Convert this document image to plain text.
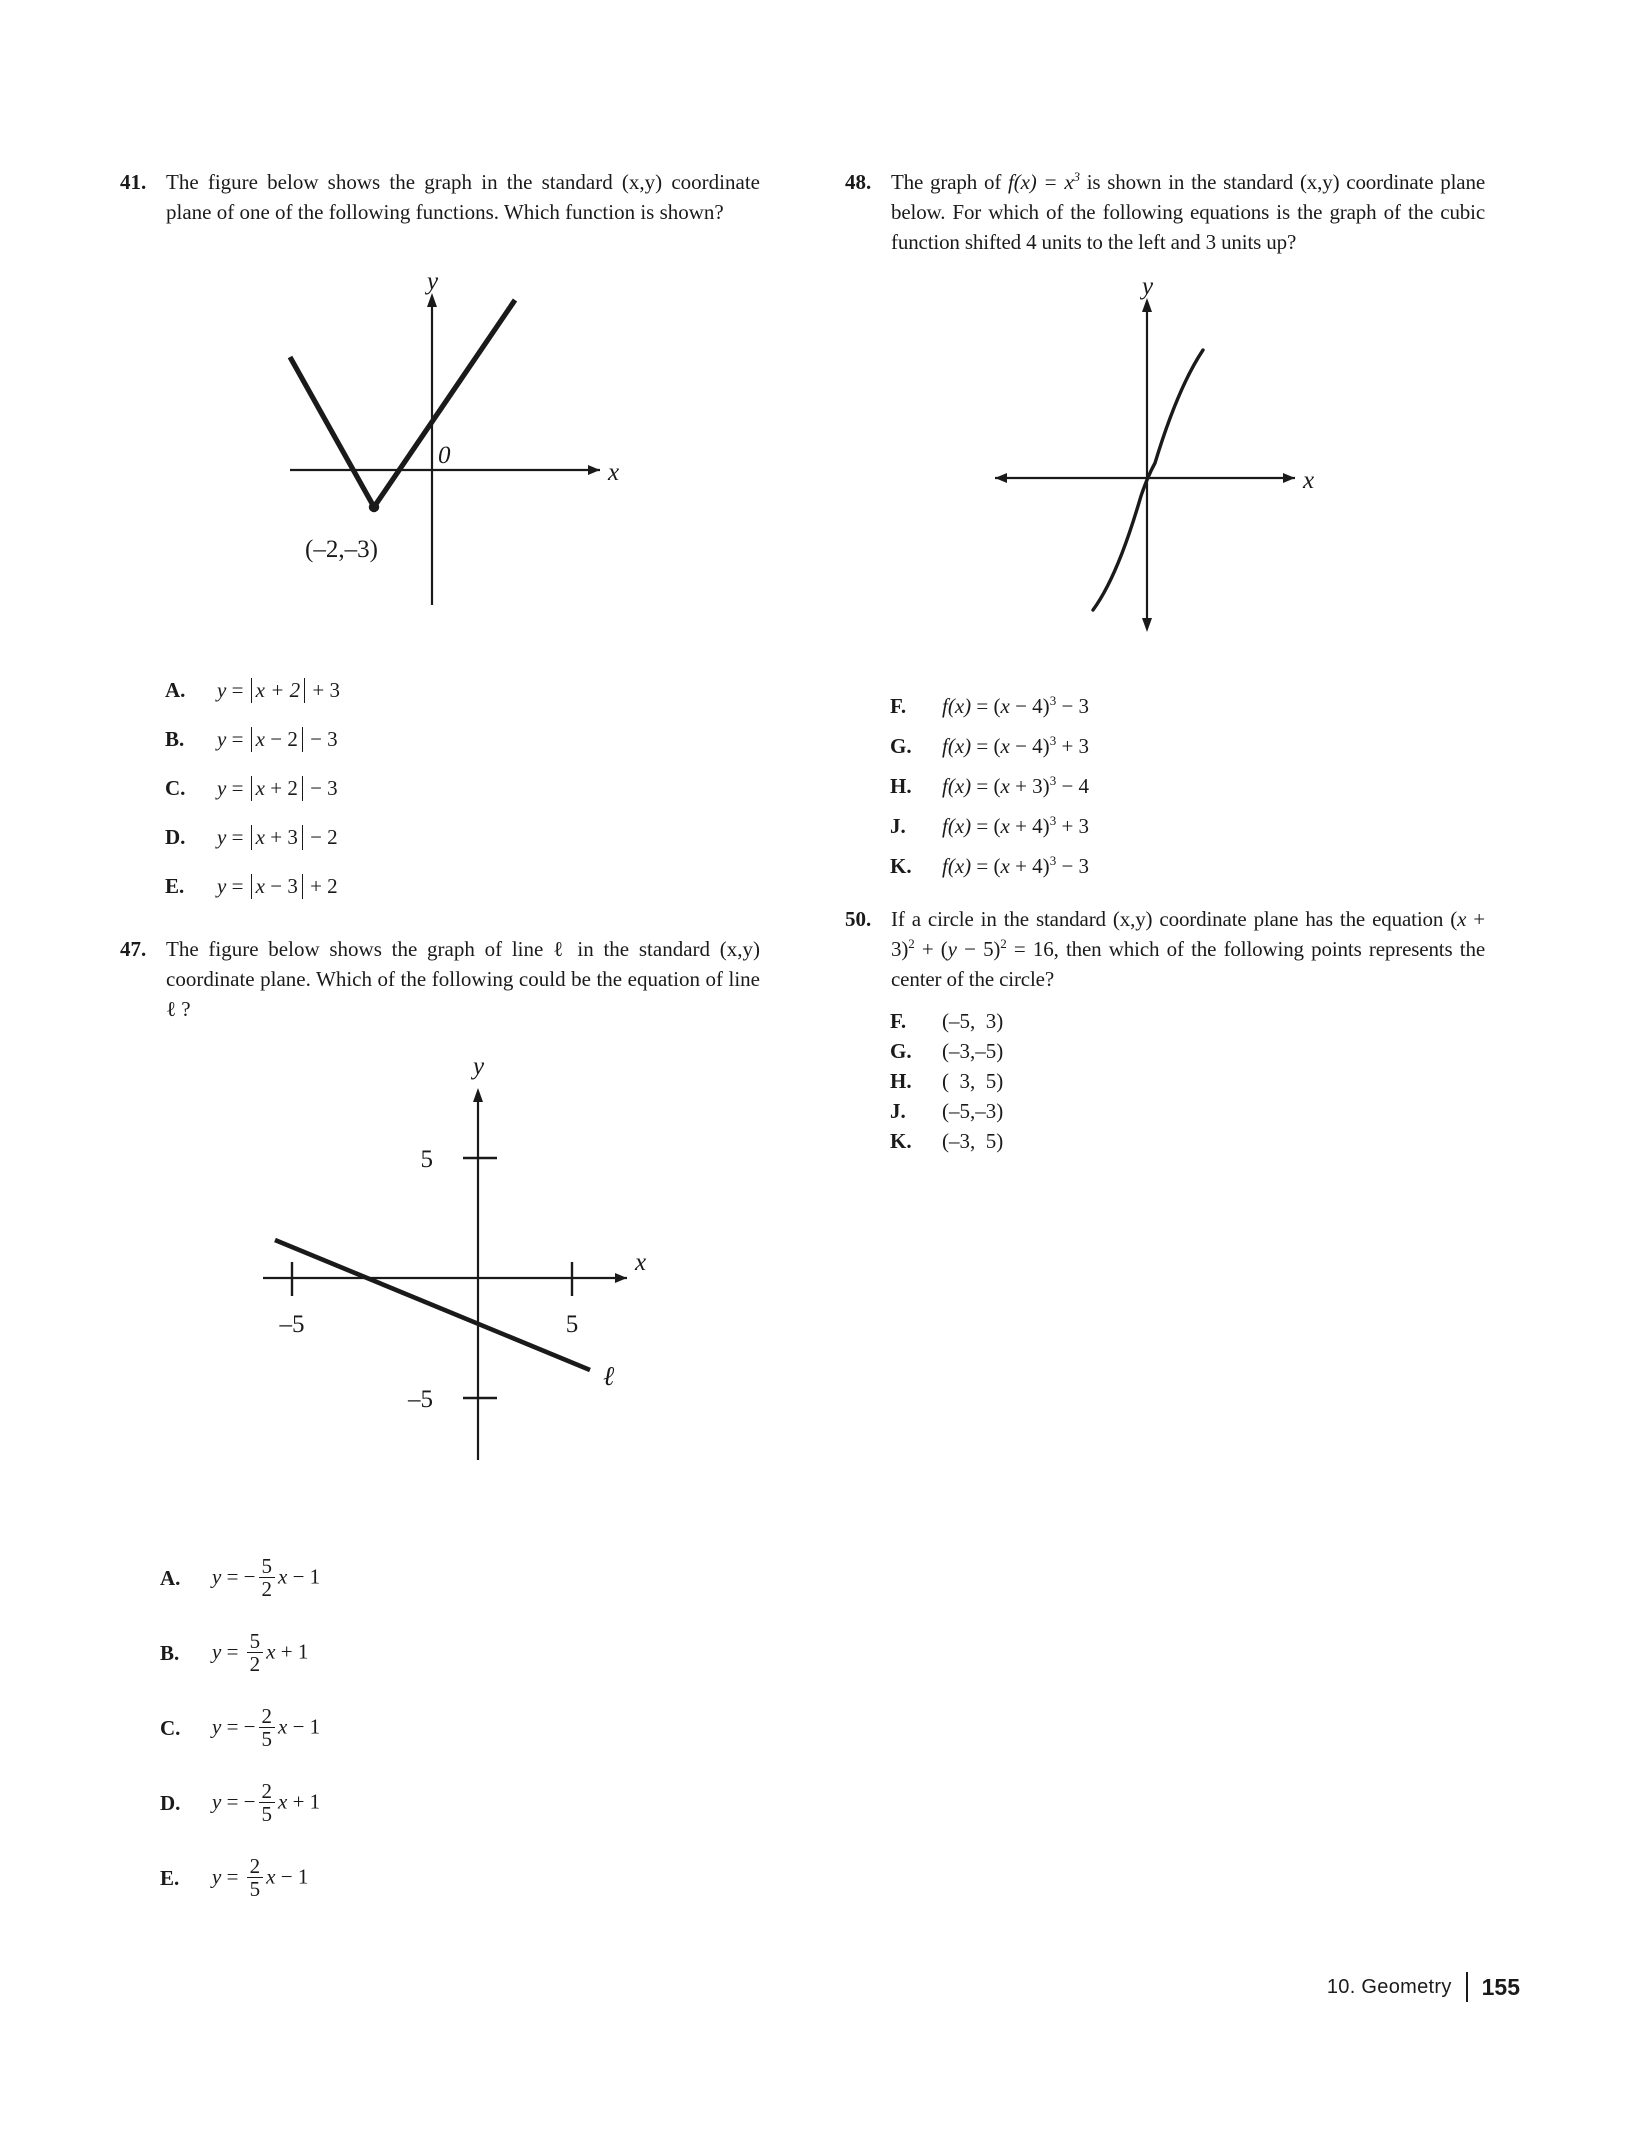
41. The figure below shows the graph in the standard (x,y) coordinate plane of one of the following functions. Which function is shown?
y
x
0
(–2,–3)
A.	y = x + 2 + 3
B.	y = x − 2 − 3
C.	y = x + 2 − 3
D.	y = x + 3 − 2
E.	y = x − 3 + 2
47. The figure below shows the graph of line ℓ in the standard (x,y) coordinate plane. Which of the following could be the equation of line ℓ ?
y
x
5
–5
–5	5
ℓ
A.	y = − $\frac{5}{2}$ x − 1
B.	$y = \frac{5}{2}$ x + 1
C.	y = − $\frac{2}{5}$ x − 1
D.	y = − $\frac{2}{5}$ x + 1
E.	$y = \frac{2}{5}$ x − 1
48. The graph of $f(x) = x^3$ is shown in the standard (x,y) coordinate plane below. For which of the following equations is the graph of the cubic function shifted 4 units to the left and 3 units up?
y
x
F.	$f(x) = (x - 4)^3 - 3$
G.	$f(x) = (x - 4)^3 + 3$
H.	$f(x) = (x + 3)^3 - 4$
J.	$f(x) = (x + 4)^3 + 3$
K.	$f(x) = (x + 4)^3 - 3$
50. If a circle in the standard (x,y) coordinate plane has the equation $(x + 3)^2 + (y - 5)^2 = 16$, then which of the following points represents the center of the circle?
F.	(–5,  3)
G.	(–3,–5)
H.	(  3,  5)
J.	(–5,–3)
K.	(–3,  5)
10. Geometry 155
